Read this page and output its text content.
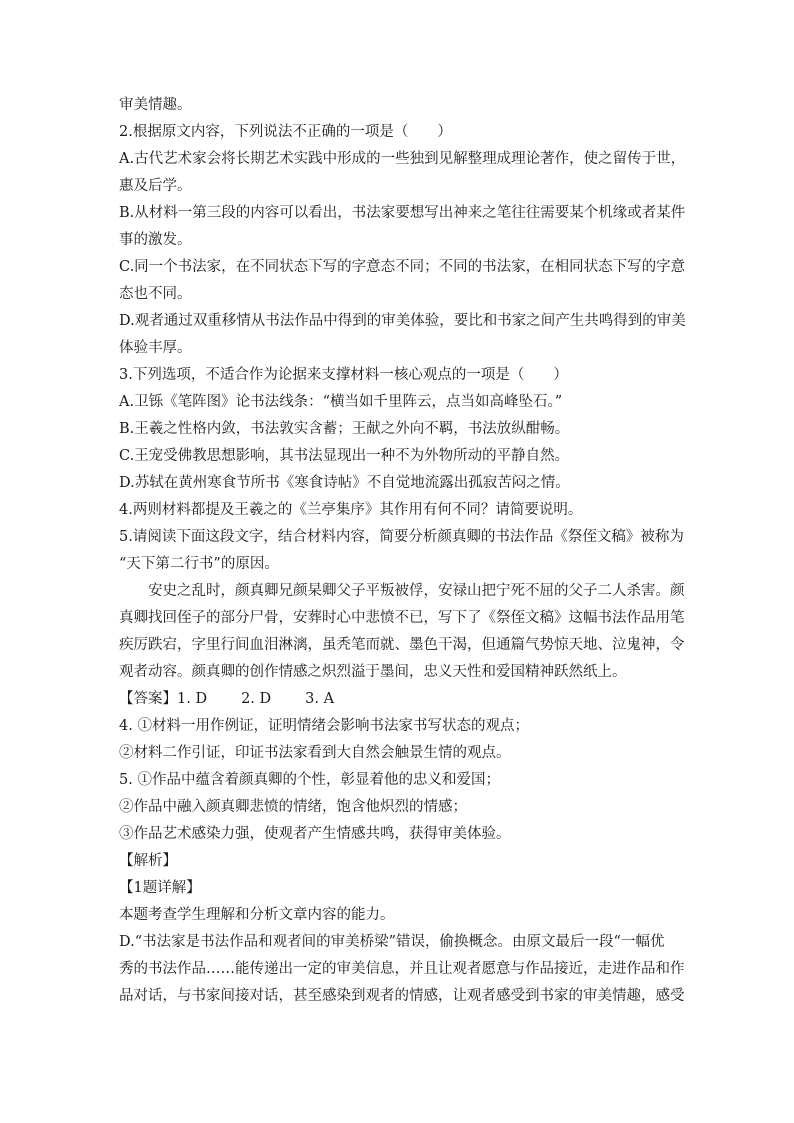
审美情趣。
2.根据原文内容，下列说法不正确的一项是（　　）
A.古代艺术家会将长期艺术实践中形成的一些独到见解整理成理论著作，使之留传于世，
惠及后学。
B.从材料一第三段的内容可以看出，书法家要想写出神来之笔往往需要某个机缘或者某件
事的激发。
C.同一个书法家，在不同状态下写的字意态不同；不同的书法家，在相同状态下写的字意
态也不同。
D.观者通过双重移情从书法作品中得到的审美体验，要比和书家之间产生共鸣得到的审美
体验丰厚。
3.下列选项，不适合作为论据来支撑材料一核心观点的一项是（　　）
A.卫铄《笔阵图》论书法线条：“横当如千里阵云，点当如高峰坠石。”
B.王羲之性格内敛，书法敦实含蓄；王献之外向不羁，书法放纵酣畅。
C.王宠受佛教思想影响，其书法显现出一种不为外物所动的平静自然。
D.苏轼在黄州寒食节所书《寒食诗帖》不自觉地流露出孤寂苦闷之情。
4.两则材料都提及王羲之的《兰亭集序》其作用有何不同？请简要说明。
5.请阅读下面这段文字，结合材料内容，简要分析颜真卿的书法作品《祭侄文稿》被称为
“天下第二行书”的原因。
安史之乱时，颜真卿兄颜杲卿父子平叛被俘，安禄山把宁死不屈的父子二人杀害。颜
真卿找回侄子的部分尸骨，安葬时心中悲愤不已，写下了《祭侄文稿》这幅书法作品用笔
疾厉跌宕，字里行间血泪淋漓，虽秃笔而就、墨色干渴，但通篇气势惊天地、泣鬼神，令
观者动容。颜真卿的创作情感之炽烈溢于墨间，忠义天性和爱国精神跃然纸上。
【答案】1. D 2. D 3. A
4. ①材料一用作例证，证明情绪会影响书法家书写状态的观点；
②材料二作引证，印证书法家看到大自然会触景生情的观点。
5. ①作品中蕴含着颜真卿的个性，彰显着他的忠义和爱国；
②作品中融入颜真卿悲愤的情绪，饱含他炽烈的情感；
③作品艺术感染力强，使观者产生情感共鸣，获得审美体验。
【解析】
【1题详解】
本题考查学生理解和分析文章内容的能力。
D.“书法家是书法作品和观者间的审美桥梁”错误，偷换概念。由原文最后一段“一幅优
秀的书法作品……能传递出一定的审美信息，并且让观者愿意与作品接近，走进作品和作
品对话，与书家间接对话，甚至感染到观者的情感，让观者感受到书家的审美情趣，感受
